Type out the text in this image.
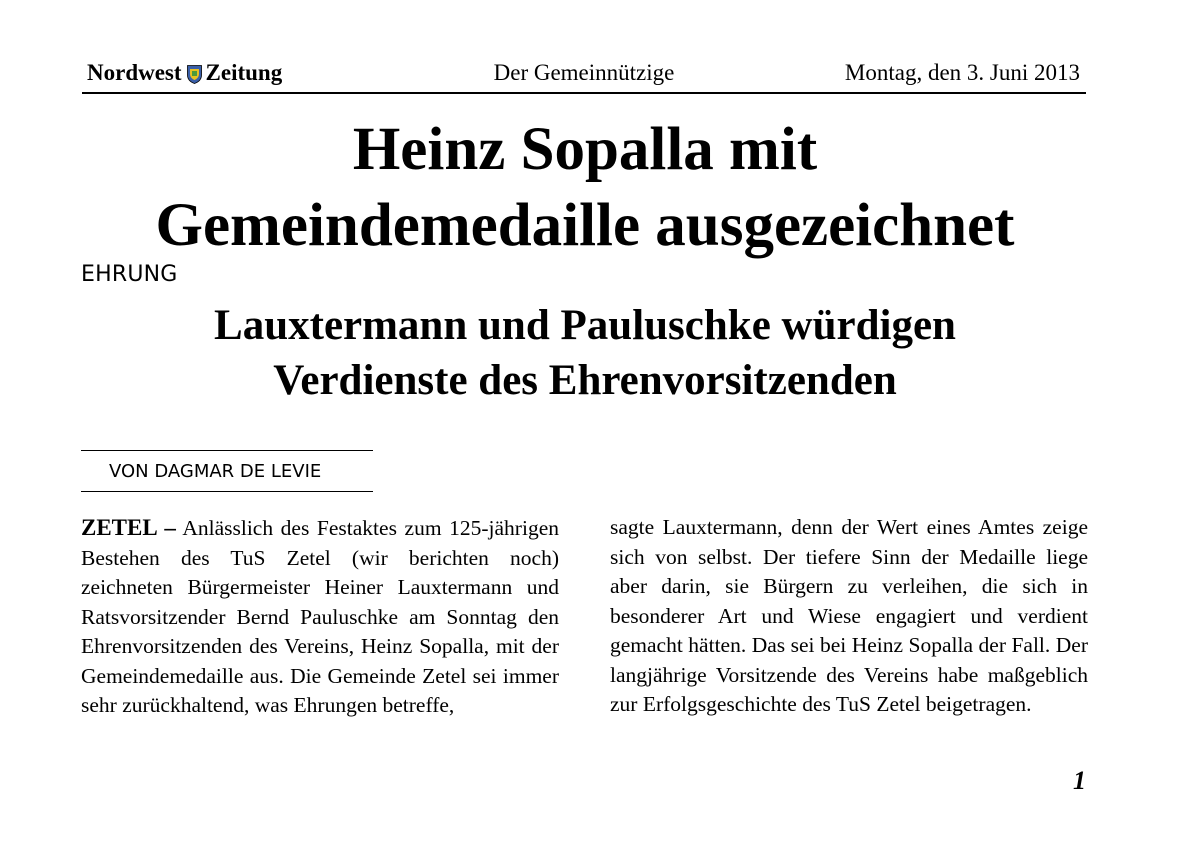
Nordwest Zeitung	Der Gemeinnützige	Montag, den 3. Juni 2013
Heinz Sopalla mit
Gemeindemedaille ausgezeichnet
EHRUNG
Lauxtermann und Pauluschke würdigen
Verdienste des Ehrenvorsitzenden
VON DAGMAR DE LEVIE

ZETEL – Anlässlich des Festaktes zum 125-jährigen Bestehen des TuS Zetel (wir berichten noch) zeichneten Bürgermeister Heiner Lauxtermann und Ratsvorsitzender Bernd Pauluschke am Sonntag den Ehrenvorsitzenden des Vereins, Heinz Sopalla, mit der Gemeindemedaille aus. Die Gemeinde Zetel sei immer sehr zurückhaltend, was Ehrungen betreffe,

sagte Lauxtermann, denn der Wert eines Amtes zeige sich von selbst. Der tiefere Sinn der Medaille liege aber darin, sie Bürgern zu verleihen, die sich in besonderer Art und Wiese engagiert und verdient gemacht hätten. Das sei bei Heinz Sopalla der Fall. Der langjährige Vorsitzende des Vereins habe maßgeblich zur Erfolgsgeschichte des TuS Zetel beigetragen.

1
